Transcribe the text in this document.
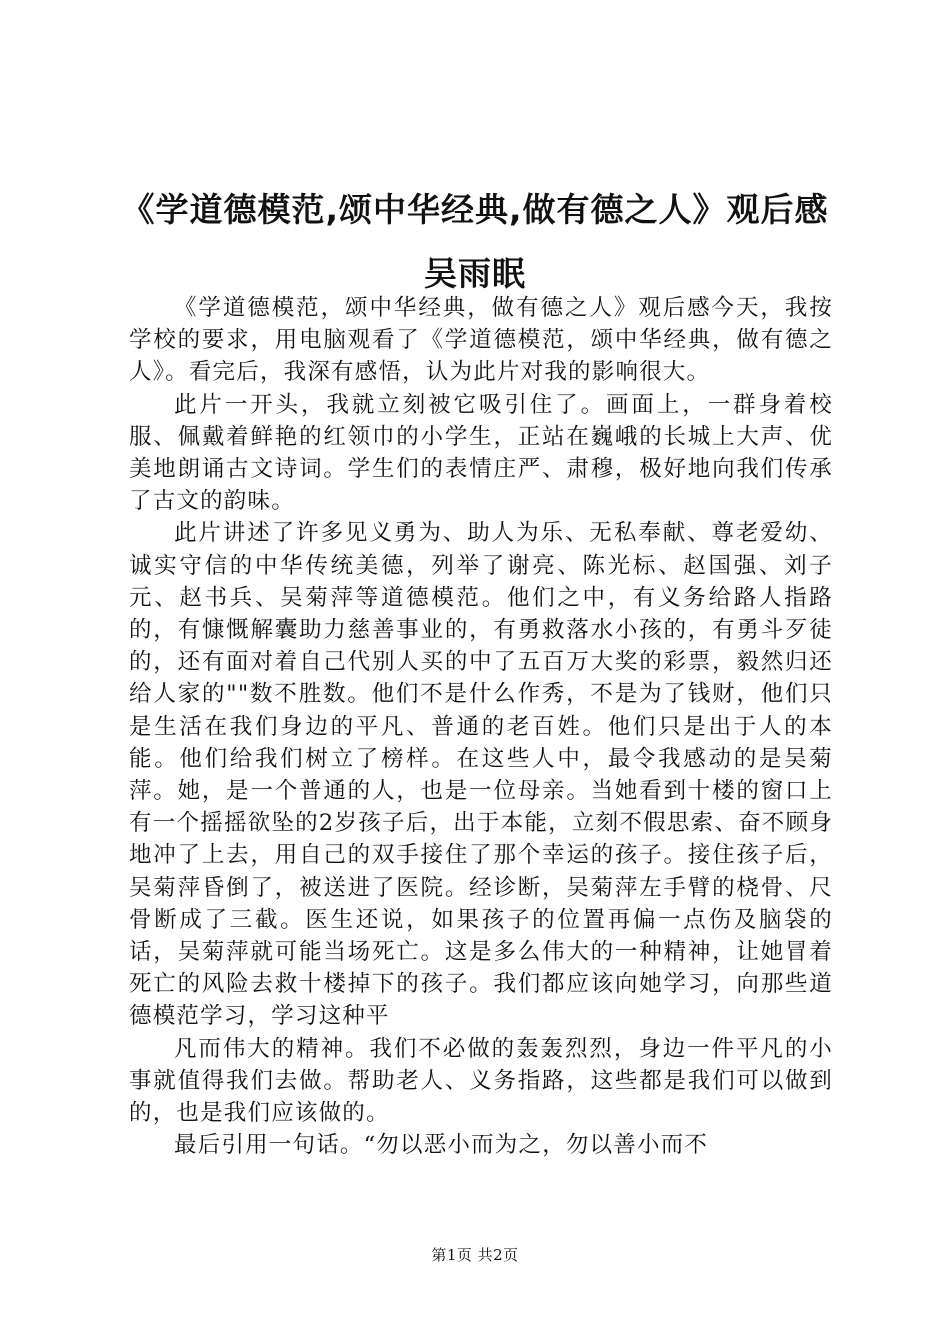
《学道德模范,颂中华经典,做有德之人》观后感吴雨眠

《学道德模范，颂中华经典，做有德之人》观后感今天，我按学校的要求，用电脑观看了《学道德模范，颂中华经典，做有德之人》。看完后，我深有感悟，认为此片对我的影响很大。

此片一开头，我就立刻被它吸引住了。画面上，一群身着校服、佩戴着鲜艳的红领巾的小学生，正站在巍峨的长城上大声、优美地朗诵古文诗词。学生们的表情庄严、肃穆，极好地向我们传承了古文的韵味。

此片讲述了许多见义勇为、助人为乐、无私奉献、尊老爱幼、诚实守信的中华传统美德，列举了谢亮、陈光标、赵国强、刘子元、赵书兵、吴菊萍等道德模范。他们之中，有义务给路人指路的，有慷慨解囊助力慈善事业的，有勇救落水小孩的，有勇斗歹徒的，还有面对着自己代别人买的中了五百万大奖的彩票，毅然归还给人家的""数不胜数。他们不是什么作秀，不是为了钱财，他们只是生活在我们身边的平凡、普通的老百姓。他们只是出于人的本能。他们给我们树立了榜样。在这些人中，最令我感动的是吴菊萍。她，是一个普通的人，也是一位母亲。当她看到十楼的窗口上有一个摇摇欲坠的2岁孩子后，出于本能，立刻不假思索、奋不顾身地冲了上去，用自己的双手接住了那个幸运的孩子。接住孩子后，吴菊萍昏倒了，被送进了医院。经诊断，吴菊萍左手臂的桡骨、尺骨断成了三截。医生还说，如果孩子的位置再偏一点伤及脑袋的话，吴菊萍就可能当场死亡。这是多么伟大的一种精神，让她冒着死亡的风险去救十楼掉下的孩子。我们都应该向她学习，向那些道德模范学习，学习这种平

凡而伟大的精神。我们不必做的轰轰烈烈，身边一件平凡的小事就值得我们去做。帮助老人、义务指路，这些都是我们可以做到的，也是我们应该做的。

最后引用一句话。“勿以恶小而为之，勿以善小而不

第1页 共2页
